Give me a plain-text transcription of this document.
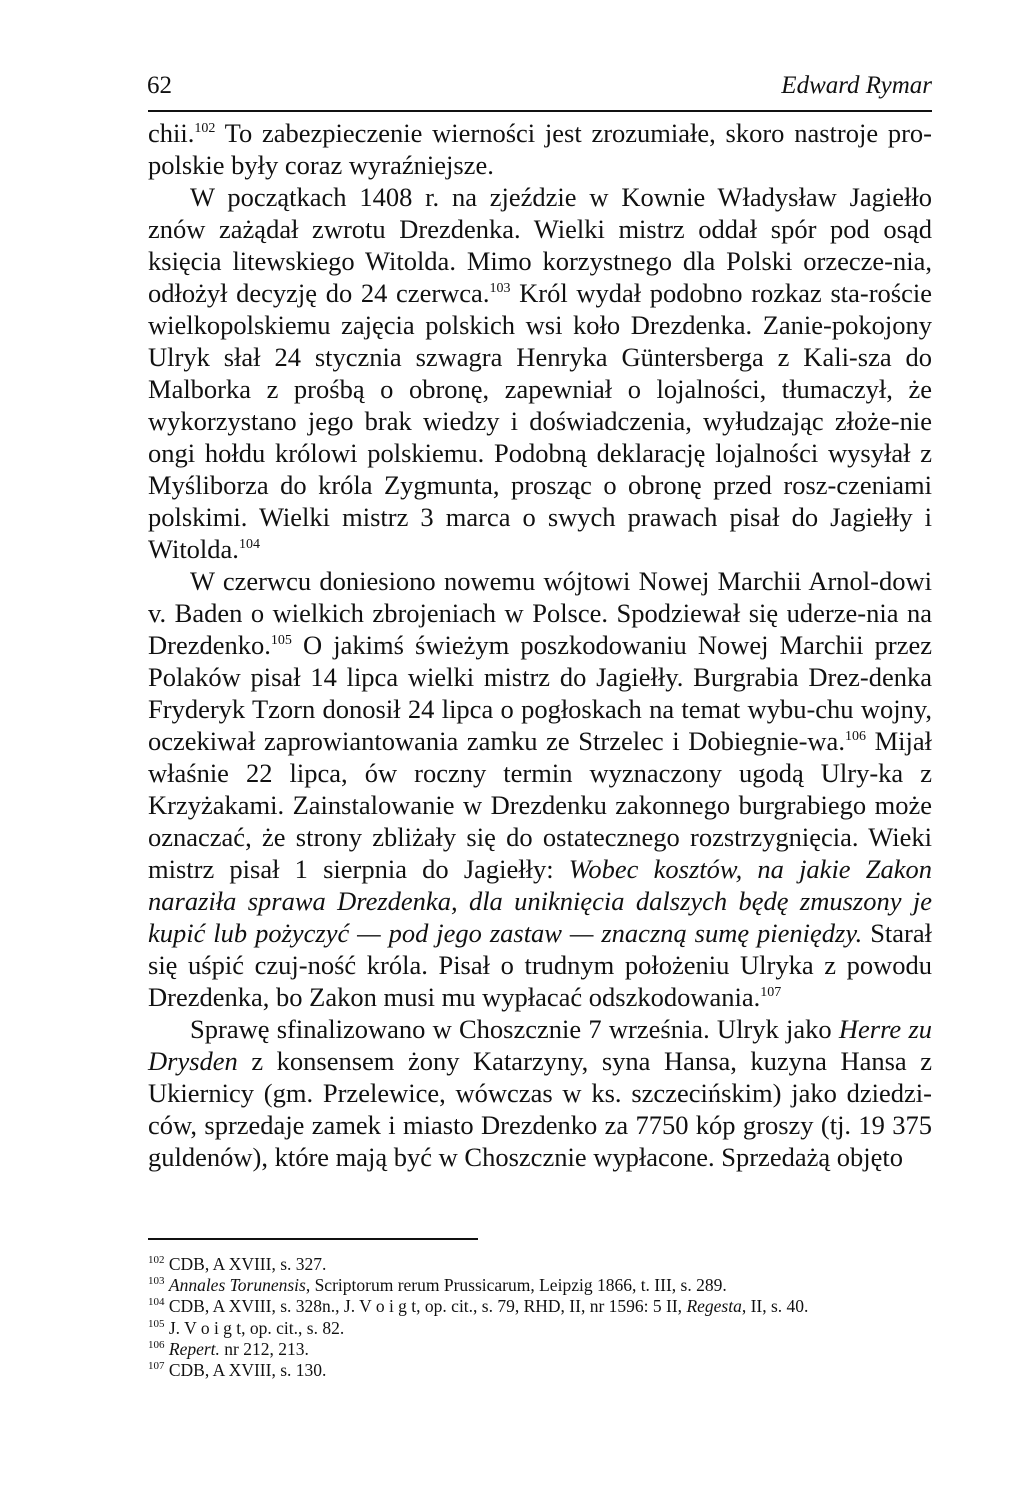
62	Edward Rymar

chii.$^{102}$ To zabezpieczenie wierności jest zrozumiałe, skoro nastroje pro-polskie były coraz wyraźniejsze.

W początkach 1408 r. na zjeździe w Kownie Władysław Jagiełło znów zażądał zwrotu Drezdenka. Wielki mistrz oddał spór pod osąd księcia litewskiego Witolda. Mimo korzystnego dla Polski orzecze-nia, odłożył decyzję do 24 czerwca.$^{103}$ Król wydał podobno rozkaz sta-roście wielkopolskiemu zajęcia polskich wsi koło Drezdenka. Zanie-pokojony Ulryk słał 24 stycznia szwagra Henryka Güntersberga z Kali-sza do Malborka z prośbą o obronę, zapewniał o lojalności, tłumaczył, że wykorzystano jego brak wiedzy i doświadczenia, wyłudzając złoże-nie ongi hołdu królowi polskiemu. Podobną deklarację lojalności wysyłał z Myśliborza do króla Zygmunta, prosząc o obronę przed rosz-czeniami polskimi. Wielki mistrz 3 marca o swych prawach pisał do Jagiełły i Witolda.$^{104}$

W czerwcu doniesiono nowemu wójtowi Nowej Marchii Arnol-dowi v. Baden o wielkich zbrojeniach w Polsce. Spodziewał się uderze-nia na Drezdenko.$^{105}$ O jakimś świeżym poszkodowaniu Nowej Marchii przez Polaków pisał 14 lipca wielki mistrz do Jagiełły. Burgrabia Drez-denka Fryderyk Tzorn donosił 24 lipca o pogłoskach na temat wybu-chu wojny, oczekiwał zaprowiantowania zamku ze Strzelec i Dobiegnie-wa.$^{106}$ Mijał właśnie 22 lipca, ów roczny termin wyznaczony ugodą Ulry-ka z Krzyżakami. Zainstalowanie w Drezdenku zakonnego burgrabiego może oznaczać, że strony zbliżały się do ostatecznego rozstrzygnięcia. Wieki mistrz pisał 1 sierpnia do Jagiełły: Wobec kosztów, na jakie Zakon naraziła sprawa Drezdenka, dla uniknięcia dalszych będę zmuszony je kupić lub pożyczyć — pod jego zastaw — znaczną sumę pieniędzy. Starał się uśpić czuj-ność króla. Pisał o trudnym położeniu Ulryka z powodu Drezdenka, bo Zakon musi mu wypłacać odszkodowania.$^{107}$

Sprawę sfinalizowano w Choszcznie 7 września. Ulryk jako Herre zu Drysden z konsensem żony Katarzyny, syna Hansa, kuzyna Hansa z Ukiernicy (gm. Przelewice, wówczas w ks. szczecińskim) jako dziedzi-ców, sprzedaje zamek i miasto Drezdenko za 7750 kóp groszy (tj. 19 375 guldenów), które mają być w Choszcznie wypłacone. Sprzedażą objęto

$^{102}$ CDB, A XVIII, s. 327.
$^{103}$ Annales Torunensis, Scriptorum rerum Prussicarum, Leipzig 1866, t. III, s. 289.
$^{104}$ CDB, A XVIII, s. 328n., J. V o i g t, op. cit., s. 79, RHD, II, nr 1596: 5 II, Regesta, II, s. 40.
$^{105}$ J. V o i g t, op. cit., s. 82.
$^{106}$ Repert. nr 212, 213.
$^{107}$ CDB, A XVIII, s. 130.
